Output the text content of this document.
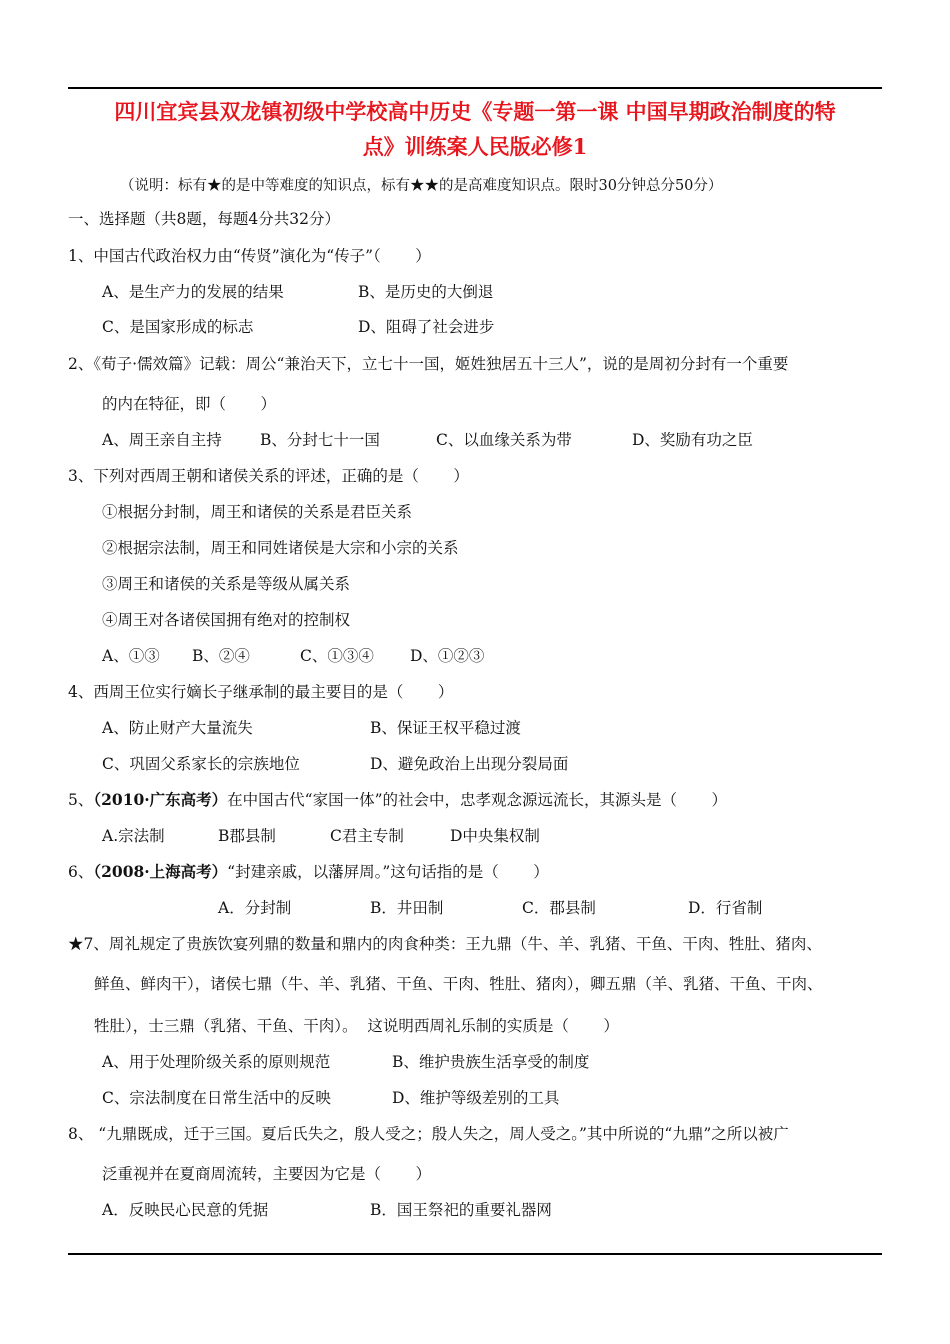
四川宜宾县双龙镇初级中学校高中历史《专题一第一课 中国早期政治制度的特
点》训练案人民版必修1
（说明：标有★的是中等难度的知识点，标有★★的是高难度知识点。限时30分钟总分50分）
一、选择题（共8题，每题4分共32分）
1、中国古代政治权力由“传贤”演化为“传子”（       ）
A、是生产力的发展的结果	B、是历史的大倒退
C、是国家形成的标志	D、阻碍了社会进步
2、《荀子·儒效篇》记载：周公“兼治天下，立七十一国，姬姓独居五十三人”，说的是周初分封有一个重要
的内在特征，即（       ）
A、周王亲自主持 B、分封七十一国	C、以血缘关系为带	D、奖励有功之臣
3、下列对西周王朝和诸侯关系的评述，正确的是（       ）
①根据分封制，周王和诸侯的关系是君臣关系
②根据宗法制，周王和同姓诸侯是大宗和小宗的关系
③周王和诸侯的关系是等级从属关系
④周王对各诸侯国拥有绝对的控制权
A、①③ B、②④	C、①③④ D、①②③
4、西周王位实行嫡长子继承制的最主要目的是（       ）
A、防止财产大量流失	B、保证王权平稳过渡
C、巩固父系家长的宗族地位	D、避免政治上出现分裂局面
5、（2010·广东高考）在中国古代“家国一体”的社会中，忠孝观念源远流长，其源头是（       ）
A.宗法制	B郡县制	C君主专制	D中央集权制
6、（2008·上海高考）“封建亲戚，以藩屏周。”这句话指的是（       ）
A．分封制	B．井田制	C．郡县制	D．行省制
★7、周礼规定了贵族饮宴列鼎的数量和鼎内的肉食种类：王九鼎（牛、羊、乳猪、干鱼、干肉、牲肚、猪肉、
鲜鱼、鲜肉干），诸侯七鼎（牛、羊、乳猪、干鱼、干肉、牲肚、猪肉），卿五鼎（羊、乳猪、干鱼、干肉、
牲肚），士三鼎（乳猪、干鱼、干肉）。  这说明西周礼乐制的实质是（       ）
A、用于处理阶级关系的原则规范	B、维护贵族生活享受的制度
C、宗法制度在日常生活中的反映	D、维护等级差别的工具
8、 “九鼎既成，迁于三国。夏后氏失之，殷人受之；殷人失之，周人受之。”其中所说的“九鼎”之所以被广
泛重视并在夏商周流转，主要因为它是（       ）
A．反映民心民意的凭据	B．国王祭祀的重要礼器网
